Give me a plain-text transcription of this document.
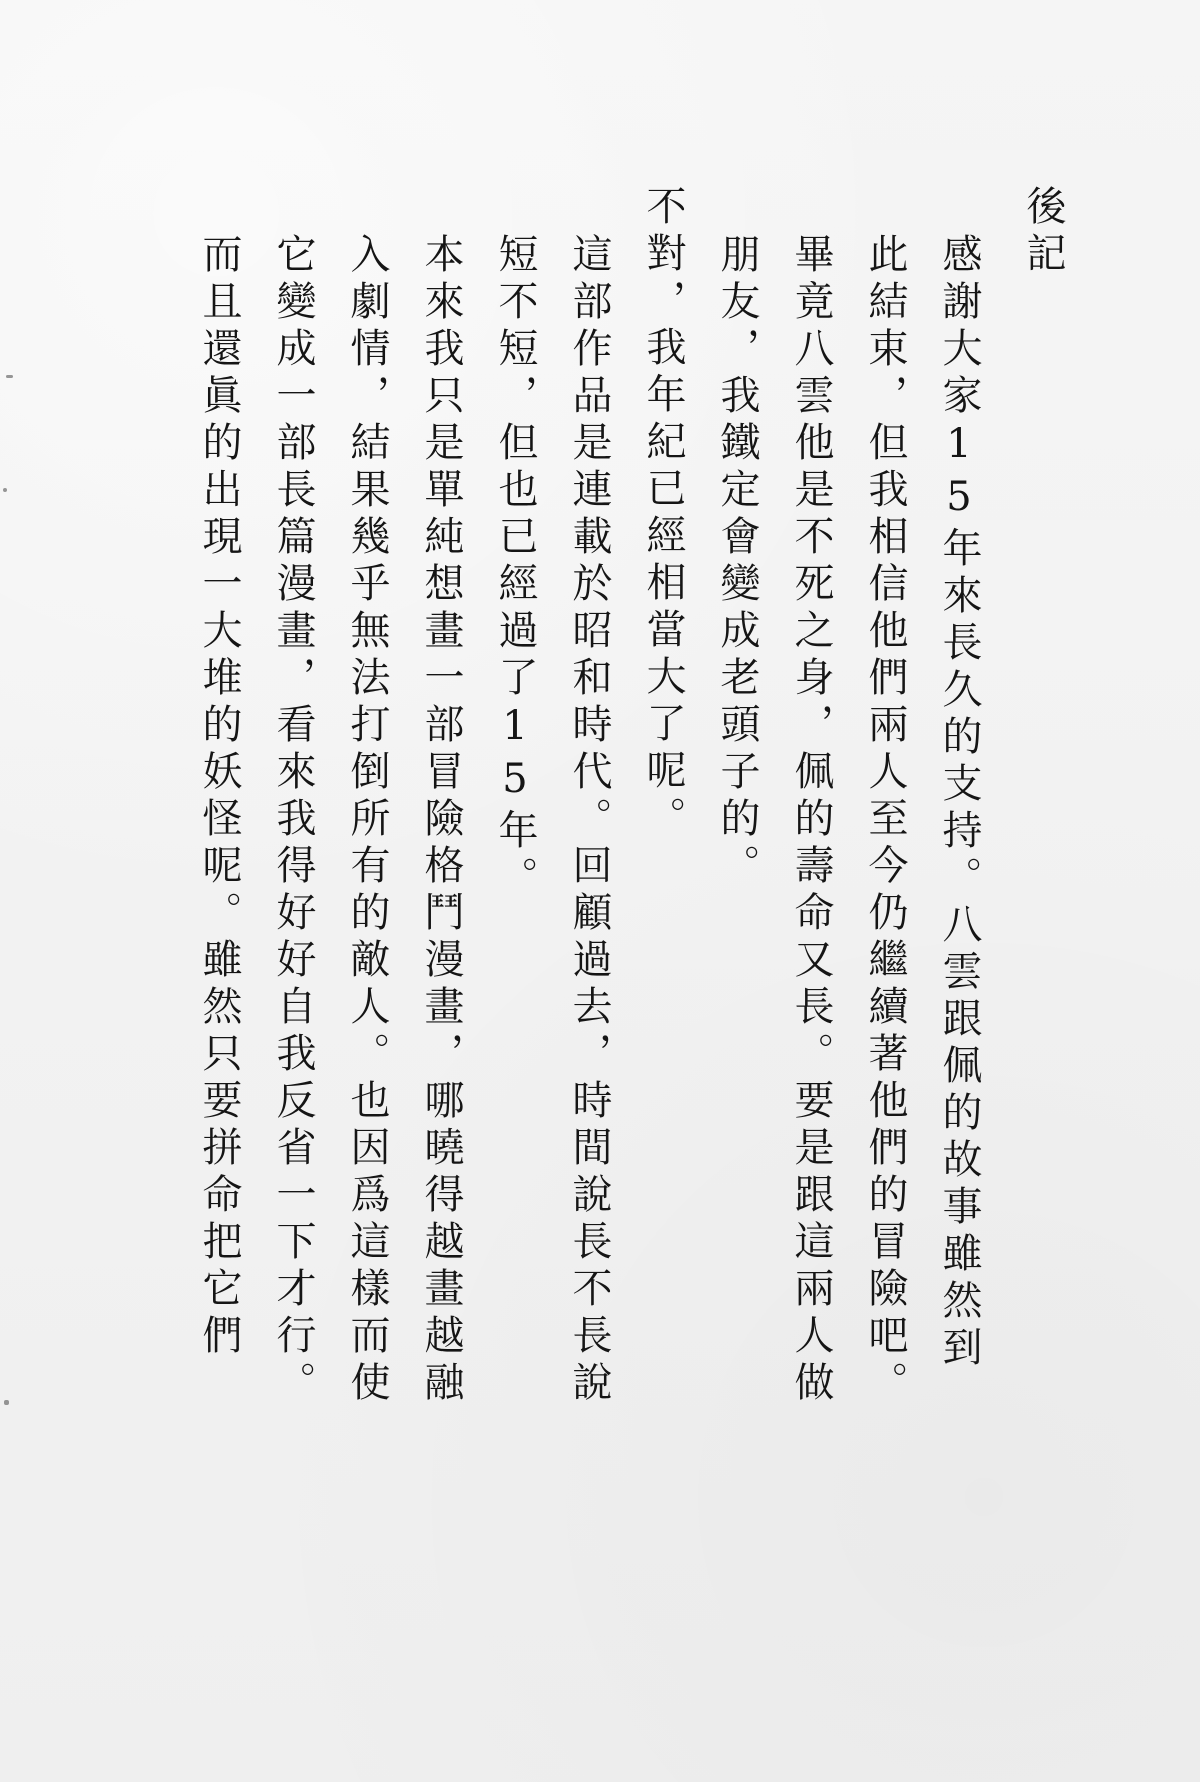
後記

感謝大家15年來長久的支持。八雲跟佩的故事雖然到此結束，但我相信他們兩人至今仍繼續著他們的冒險吧。畢竟八雲他是不死之身，佩的壽命又長。要是跟這兩人做朋友，我鐵定會變成老頭子的。

不對，我年紀已經相當大了呢。

這部作品是連載於昭和時代。回顧過去，時間說長不長說短不短，但也已經過了15年。

本來我只是單純想畫一部冒險格鬥漫畫，哪曉得越畫越融入劇情，結果幾乎無法打倒所有的敵人。也因爲這樣而使它變成一部長篇漫畫，看來我得好好自我反省一下才行。而且還眞的出現一大堆的妖怪呢。雖然只要拼命把它們
